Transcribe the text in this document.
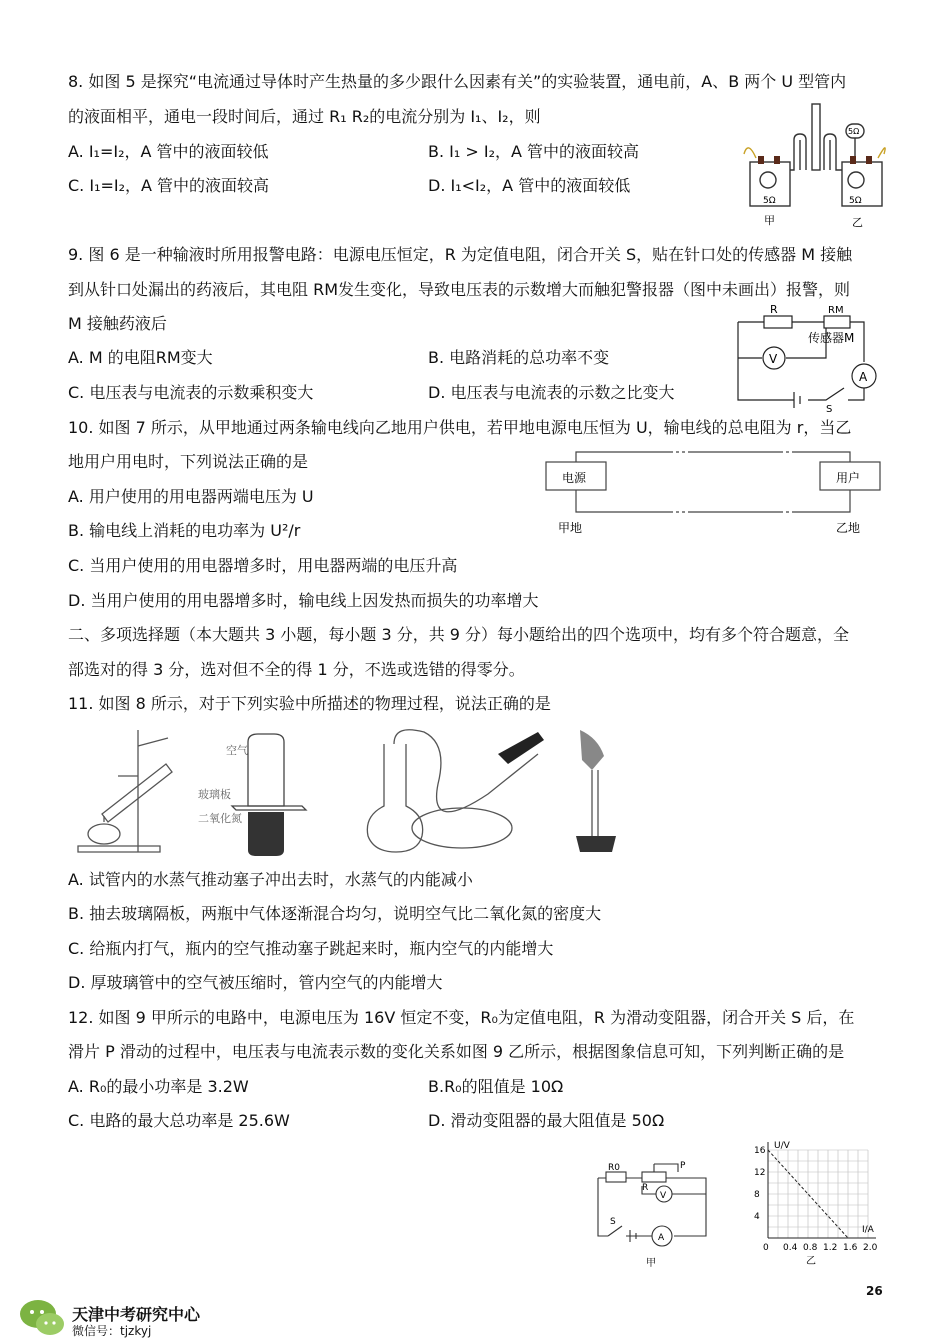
8. 如图 5 是探究“电流通过导体时产生热量的多少跟什么因素有关”的实验装置，通电前，A、B 两个 U 型管内
的液面相平，通电一段时间后，通过 R₁ R₂的电流分别为 I₁、I₂，则
A. I₁=I₂，A 管中的液面较低	B. I₁ > I₂，A 管中的液面较高
C. I₁=I₂，A 管中的液面较高	D. I₁<I₂，A 管中的液面较低
5Ω	5Ω
5Ω
甲	乙
9. 图 6 是一种输液时所用报警电路：电源电压恒定，R 为定值电阻，闭合开关 S，贴在针口处的传感器 M 接触
到从针口处漏出的药液后，其电阻 RM发生变化，导致电压表的示数增大而触犯警报器（图中未画出）报警，则
M 接触药液后
A. M 的电阻RM变大	B. 电路消耗的总功率不变
C. 电压表与电流表的示数乘积变大	D. 电压表与电流表的示数之比变大
R	RM
传感器M
V
A
S
10. 如图 7 所示，从甲地通过两条输电线向乙地用户供电，若甲地电源电压恒为 U，输电线的总电阻为 r，当乙
地用户用电时，下列说法正确的是
A. 用户使用的用电器两端电压为 U
B. 输电线上消耗的电功率为 U²/r
C. 当用户使用的用电器增多时，用电器两端的电压升高
D. 当用户使用的用电器增多时，输电线上因发热而损失的功率增大
电源	用户
甲地	乙地
二、多项选择题（本大题共 3 小题，每小题 3 分，共 9 分）每小题给出的四个选项中，均有多个符合题意，全
部选对的得 3 分，选对但不全的得 1 分，不选或选错的得零分。
11. 如图 8 所示，对于下列实验中所描述的物理过程，说法正确的是
空气
玻璃板
二氧化氮
A. 试管内的水蒸气推动塞子冲出去时，水蒸气的内能减小
B. 抽去玻璃隔板，两瓶中气体逐渐混合均匀，说明空气比二氧化氮的密度大
C. 给瓶内打气，瓶内的空气推动塞子跳起来时，瓶内空气的内能增大
D. 厚玻璃管中的空气被压缩时，管内空气的内能增大
12. 如图 9 甲所示的电路中，电源电压为 16V 恒定不变，R₀为定值电阻，R 为滑动变阻器，闭合开关 S 后，在
滑片 P 滑动的过程中，电压表与电流表示数的变化关系如图 9 乙所示，根据图象信息可知，下列判断正确的是
A. R₀的最小功率是 3.2W	B.R₀的阻值是 10Ω
C. 电路的最大总功率是 25.6W	D. 滑动变阻器的最大阻值是 50Ω
R0
R
P
V
A
S
甲
0 0.4 0.8 1.2 1.6 2.0
4
8
12
16 U/V
I/A
乙
天津中考研究中心
微信号：tjzkyj
26
